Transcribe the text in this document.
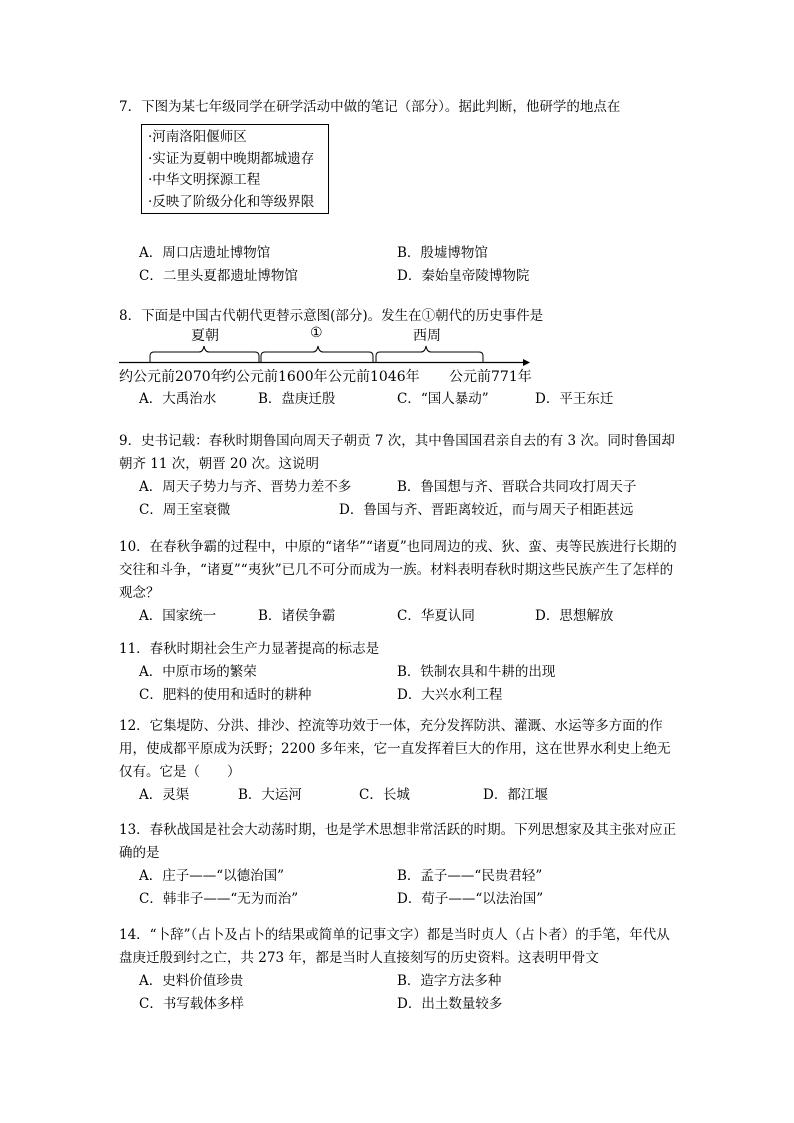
7．下图为某七年级同学在研学活动中做的笔记（部分）。据此判断，他研学的地点在
·河南洛阳偃师区
·实证为夏朝中晚期都城遗存
·中华文明探源工程
·反映了阶级分化和等级界限
A．周口店遗址博物馆	B．殷墟博物馆
C．二里头夏都遗址博物馆	D．秦始皇帝陵博物院
8．下面是中国古代朝代更替示意图(部分)。发生在①朝代的历史事件是
夏朝	①	西周
约公元前2070年
约公元前1600年 公元前1046年 公元前771年
A．大禹治水	B．盘庚迁殷	C．“国人暴动”	D．平王东迁
9．史书记载：春秋时期鲁国向周天子朝贡 7 次，其中鲁国国君亲自去的有 3 次。同时鲁国却朝齐 11 次，朝晋 20 次。这说明
A．周天子势力与齐、晋势力差不多	B．鲁国想与齐、晋联合共同攻打周天子
C．周王室衰微	D．鲁国与齐、晋距离较近，而与周天子相距甚远
10．在春秋争霸的过程中，中原的“诸华”“诸夏”也同周边的戎、狄、蛮、夷等民族进行长期的交往和斗争，“诸夏”“夷狄”已几不可分而成为一族。材料表明春秋时期这些民族产生了怎样的观念？
A．国家统一	B．诸侯争霸	C．华夏认同	D．思想解放
11．春秋时期社会生产力显著提高的标志是
A．中原市场的繁荣	B．铁制农具和牛耕的出现
C．肥料的使用和适时的耕种	D．大兴水利工程
12．它集堤防、分洪、排沙、控流等功效于一体，充分发挥防洪、灌溉、水运等多方面的作用，使成都平原成为沃野；2200 多年来，它一直发挥着巨大的作用，这在世界水利史上绝无仅有。它是（　　）
A．灵渠	B．大运河	C．长城	D．都江堰
13．春秋战国是社会大动荡时期，也是学术思想非常活跃的时期。下列思想家及其主张对应正确的是
A．庄子——“以德治国”	B．孟子——“民贵君轻”
C．韩非子——“无为而治”	D．荀子——“以法治国”
14．“卜辞”（占卜及占卜的结果或简单的记事文字）都是当时贞人（占卜者）的手笔，年代从盘庚迁殷到纣之亡，共 273 年，都是当时人直接刻写的历史资料。这表明甲骨文
A．史料价值珍贵	B．造字方法多种
C．书写载体多样	D．出土数量较多
